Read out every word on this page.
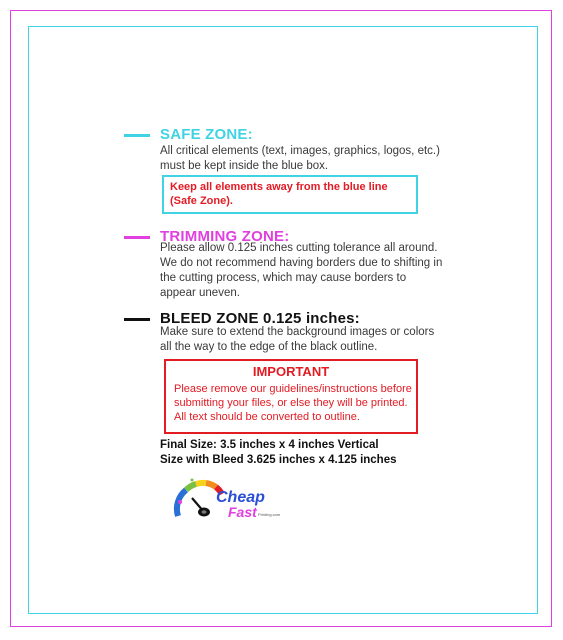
SAFE ZONE:
All critical elements (text, images, graphics, logos, etc.)
must be kept inside the blue box.
Keep all elements away from the blue line
(Safe Zone).
TRIMMING ZONE:
Please allow 0.125 inches cutting tolerance all around.
We do not recommend having borders due to shifting in
the cutting process, which may cause borders to
appear uneven.
BLEED ZONE 0.125 inches:
Make sure to extend the background images or colors
all the way to the edge of the black outline.
IMPORTANT
Please remove our guidelines/instructions before
submitting your files, or else they will be printed.
All text should be converted to outline.
Final Size: 3.5 inches x 4 inches Vertical
Size with Bleed 3.625 inches x 4.125 inches
Cheap
Fast Printing.com
